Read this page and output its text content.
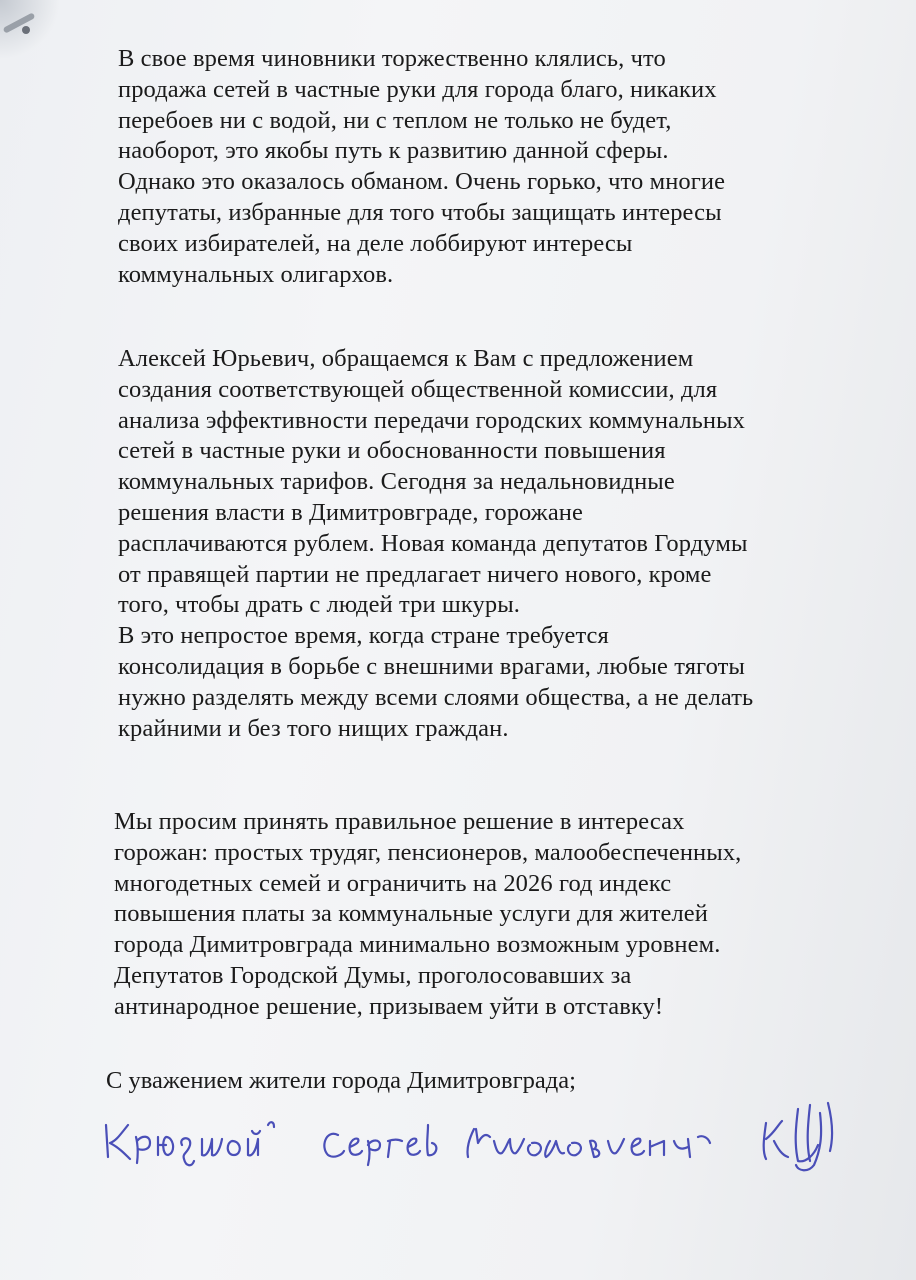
В свое время чиновники торжественно клялись, что
продажа сетей в частные руки для города благо, никаких
перебоев ни с водой, ни с теплом не только не будет,
наоборот, это якобы путь к развитию данной сферы.
Однако это оказалось обманом. Очень горько, что многие
депутаты, избранные для того чтобы защищать интересы
своих избирателей, на деле лоббируют интересы
коммунальных олигархов.
Алексей Юрьевич, обращаемся к Вам с предложением
создания соответствующей общественной комиссии, для
анализа эффективности передачи городских коммунальных
сетей в частные руки и обоснованности повышения
коммунальных тарифов. Сегодня за недальновидные
решения власти в Димитровграде, горожане
расплачиваются рублем. Новая команда депутатов Гордумы
от правящей партии не предлагает ничего нового, кроме
того, чтобы драть с людей три шкуры.
В это непростое время, когда стране требуется
консолидация в борьбе с внешними врагами, любые тяготы
нужно разделять между всеми слоями общества, а не делать
крайними и без того нищих граждан.
Мы просим принять правильное решение в интересах
горожан: простых трудяг, пенсионеров, малообеспеченных,
многодетных семей и ограничить на 2026 год индекс
повышения платы за коммунальные услуги для жителей
города Димитровграда минимально возможным уровнем.
Депутатов Городской Думы, проголосовавших за
антинародное решение, призываем уйти в отставку!
С уважением жители города Димитровграда;
